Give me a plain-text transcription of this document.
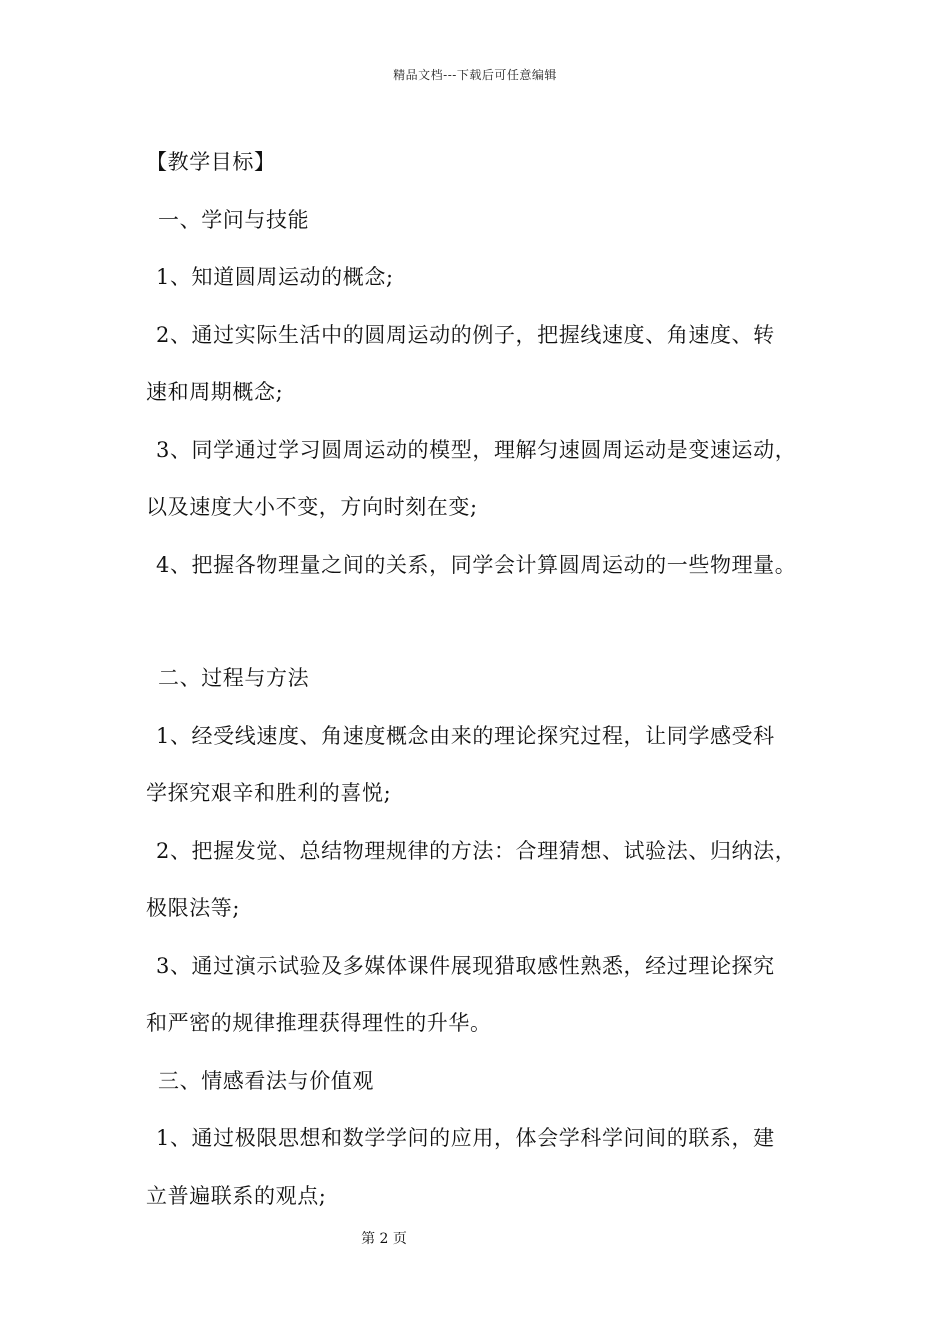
精品文档---下载后可任意编辑
【教学目标】
一、学问与技能
1、知道圆周运动的概念;
2、通过实际生活中的圆周运动的例子，把握线速度、角速度、转
速和周期概念;
3、同学通过学习圆周运动的模型，理解匀速圆周运动是变速运动，
以及速度大小不变，方向时刻在变;
4、把握各物理量之间的关系，同学会计算圆周运动的一些物理量。
二、过程与方法
1、经受线速度、角速度概念由来的理论探究过程，让同学感受科
学探究艰辛和胜利的喜悦;
2、把握发觉、总结物理规律的方法：合理猜想、试验法、归纳法，
极限法等;
3、通过演示试验及多媒体课件展现猎取感性熟悉，经过理论探究
和严密的规律推理获得理性的升华。
三、情感看法与价值观
1、通过极限思想和数学学问的应用，体会学科学问间的联系，建
立普遍联系的观点;
第 2 页
